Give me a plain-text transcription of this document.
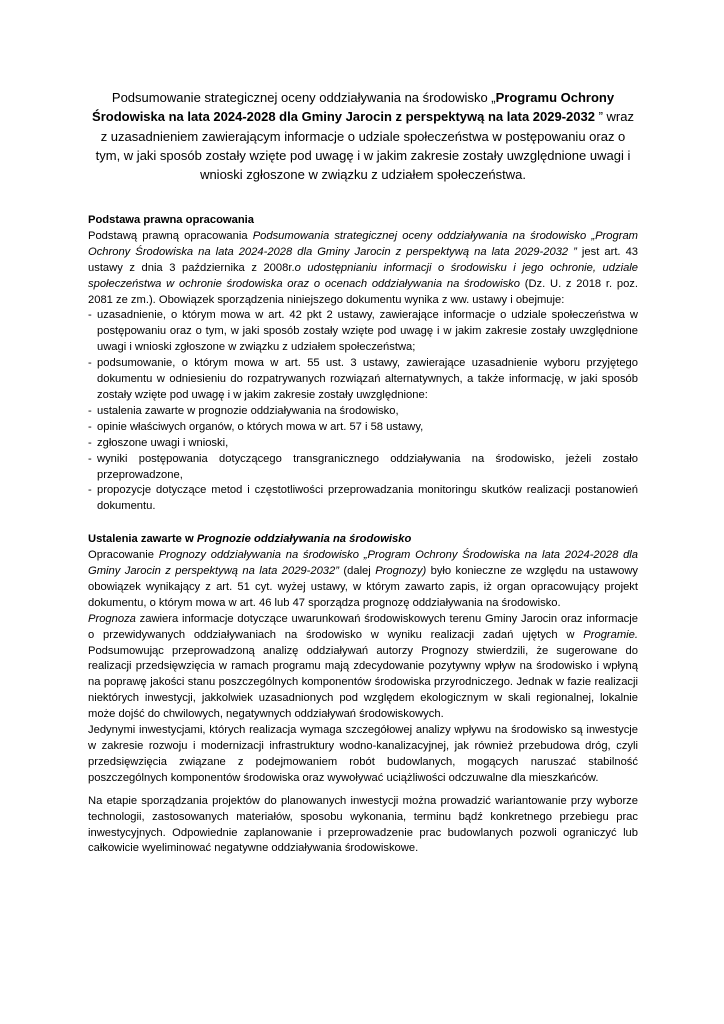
Podsumowanie strategicznej oceny oddziaływania na środowisko „Programu Ochrony Środowiska na lata 2024-2028 dla Gminy Jarocin z perspektywą na lata 2029-2032 ” wraz z uzasadnieniem zawierającym informacje o udziale społeczeństwa w postępowaniu oraz o tym, w jaki sposób zostały wzięte pod uwagę i w jakim zakresie zostały uwzględnione uwagi i wnioski zgłoszone w związku z udziałem społeczeństwa.
Podstawa prawna opracowania

Podstawą prawną opracowania Podsumowania strategicznej oceny oddziaływania na środowisko „Program Ochrony Środowiska na lata 2024-2028 dla Gminy Jarocin z perspektywą na lata 2029-2032 ” jest art. 43 ustawy z dnia 3 października z 2008r.o udostępnianiu informacji o środowisku i jego ochronie, udziale społeczeństwa w ochronie środowiska oraz o ocenach oddziaływania na środowisko (Dz. U. z 2018 r. poz. 2081 ze zm.). Obowiązek sporządzenia niniejszego dokumentu wynika z ww. ustawy i obejmuje:

- uzasadnienie, o którym mowa w art. 42 pkt 2 ustawy, zawierające informacje o udziale społeczeństwa w postępowaniu oraz o tym, w jaki sposób zostały wzięte pod uwagę i w jakim zakresie zostały uwzględnione uwagi i wnioski zgłoszone w związku z udziałem społeczeństwa;
- podsumowanie, o którym mowa w art. 55 ust. 3 ustawy, zawierające uzasadnienie wyboru przyjętego dokumentu w odniesieniu do rozpatrywanych rozwiązań alternatywnych, a także informację, w jaki sposób zostały wzięte pod uwagę i w jakim zakresie zostały uwzględnione:
- ustalenia zawarte w prognozie oddziaływania na środowisko,
- opinie właściwych organów, o których mowa w art. 57 i 58 ustawy,
- zgłoszone uwagi i wnioski,
- wyniki postępowania dotyczącego transgranicznego oddziaływania na środowisko, jeżeli zostało przeprowadzone,
- propozycje dotyczące metod i częstotliwości przeprowadzania monitoringu skutków realizacji postanowień dokumentu.
Ustalenia zawarte w Prognozie oddziaływania na środowisko

Opracowanie Prognozy oddziaływania na środowisko „Program Ochrony Środowiska na lata 2024-2028 dla Gminy Jarocin z perspektywą na lata 2029-2032” (dalej Prognozy) było konieczne ze względu na ustawowy obowiązek wynikający z art. 51 cyt. wyżej ustawy, w którym zawarto zapis, iż organ opracowujący projekt dokumentu, o którym mowa w art. 46 lub 47 sporządza prognozę oddziaływania na środowisko.

Prognoza zawiera informacje dotyczące uwarunkowań środowiskowych terenu Gminy Jarocin oraz informacje o przewidywanych oddziaływaniach na środowisko w wyniku realizacji zadań ujętych w Programie. Podsumowując przeprowadzoną analizę oddziaływań autorzy Prognozy stwierdzili, że sugerowane do realizacji przedsięwzięcia w ramach programu mają zdecydowanie pozytywny wpływ na środowisko i wpłyną na poprawę jakości stanu poszczególnych komponentów środowiska przyrodniczego. Jednak w fazie realizacji niektórych inwestycji, jakkolwiek uzasadnionych pod względem ekologicznym w skali regionalnej, lokalnie może dojść do chwilowych, negatywnych oddziaływań środowiskowych.

Jedynymi inwestycjami, których realizacja wymaga szczegółowej analizy wpływu na środowisko są inwestycje w zakresie rozwoju i modernizacji infrastruktury wodno-kanalizacyjnej, jak również przebudowa dróg, czyli przedsięwzięcia związane z podejmowaniem robót budowlanych, mogących naruszać stabilność poszczególnych komponentów środowiska oraz wywoływać uciążliwości odczuwalne dla mieszkańców.

Na etapie sporządzania projektów do planowanych inwestycji można prowadzić wariantowanie przy wyborze technologii, zastosowanych materiałów, sposobu wykonania, terminu bądź konkretnego przebiegu prac inwestycyjnych. Odpowiednie zaplanowanie i przeprowadzenie prac budowlanych pozwoli ograniczyć lub całkowicie wyeliminować negatywne oddziaływania środowiskowe.
